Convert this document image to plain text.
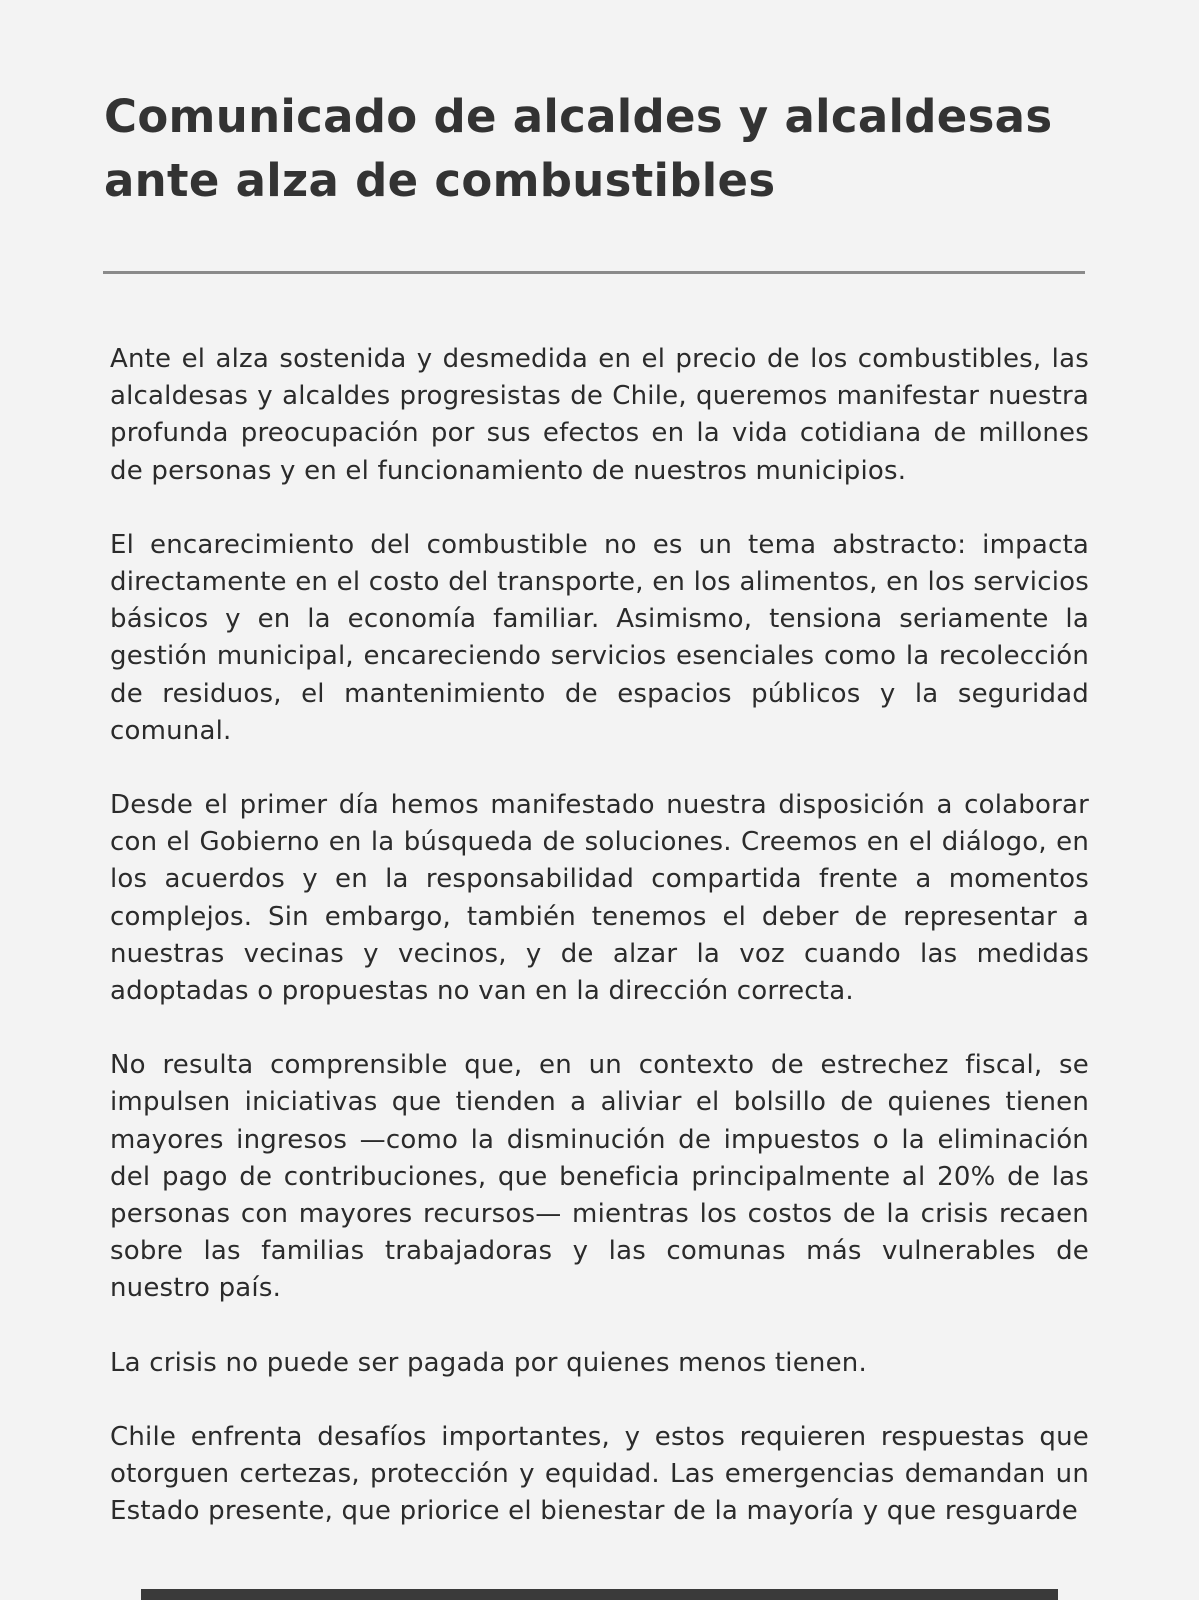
Comunicado de alcaldes y alcaldesas ante alza de combustibles

Ante el alza sostenida y desmedida en el precio de los combustibles, las alcaldesas y alcaldes progresistas de Chile, queremos manifestar nuestra profunda preocupación por sus efectos en la vida cotidiana de millones de personas y en el funcionamiento de nuestros municipios.

El encarecimiento del combustible no es un tema abstracto: impacta directamente en el costo del transporte, en los alimentos, en los servicios básicos y en la economía familiar. Asimismo, tensiona seriamente la gestión municipal, encareciendo servicios esenciales como la recolección de residuos, el mantenimiento de espacios públicos y la seguridad comunal.

Desde el primer día hemos manifestado nuestra disposición a colaborar con el Gobierno en la búsqueda de soluciones. Creemos en el diálogo, en los acuerdos y en la responsabilidad compartida frente a momentos complejos. Sin embargo, también tenemos el deber de representar a nuestras vecinas y vecinos, y de alzar la voz cuando las medidas adoptadas o propuestas no van en la dirección correcta.

No resulta comprensible que, en un contexto de estrechez fiscal, se impulsen iniciativas que tienden a aliviar el bolsillo de quienes tienen mayores ingresos —como la disminución de impuestos o la eliminación del pago de contribuciones, que beneficia principalmente al 20% de las personas con mayores recursos— mientras los costos de la crisis recaen sobre las familias trabajadoras y las comunas más vulnerables de nuestro país.

La crisis no puede ser pagada por quienes menos tienen.

Chile enfrenta desafíos importantes, y estos requieren respuestas que otorguen certezas, protección y equidad. Las emergencias demandan un Estado presente, que priorice el bienestar de la mayoría y que resguarde
